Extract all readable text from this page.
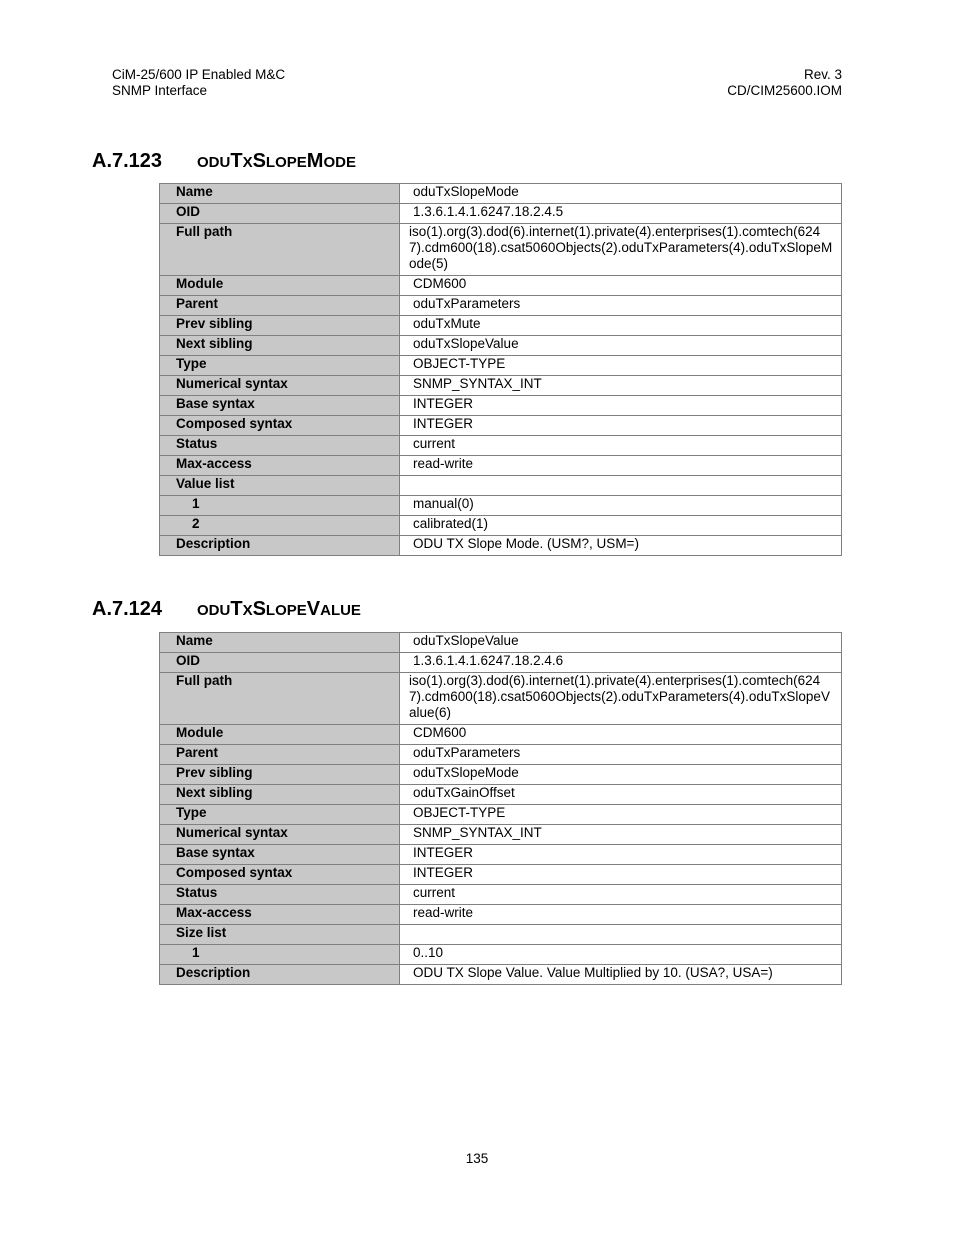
CiM-25/600 IP Enabled M&C
SNMP Interface
Rev. 3
CD/CIM25600.IOM
A.7.123 ODUTXSLOPEMODE
Name	oduTxSlopeMode
OID	1.3.6.1.4.1.6247.18.2.4.5
Full path	iso(1).org(3).dod(6).internet(1).private(4).enterprises(1).comtech(6247).cdm600(18).csat5060Objects(2).oduTxParameters(4).oduTxSlopeMode(5)
Module	CDM600
Parent	oduTxParameters
Prev sibling	oduTxMute
Next sibling	oduTxSlopeValue
Type	OBJECT-TYPE
Numerical syntax	SNMP_SYNTAX_INT
Base syntax	INTEGER
Composed syntax	INTEGER
Status	current
Max-access	read-write
Value list	
1	manual(0)
2	calibrated(1)
Description	ODU TX Slope Mode. (USM?, USM=)
A.7.124 ODUTXSLOPEVALUE
Name	oduTxSlopeValue
OID	1.3.6.1.4.1.6247.18.2.4.6
Full path	iso(1).org(3).dod(6).internet(1).private(4).enterprises(1).comtech(6247).cdm600(18).csat5060Objects(2).oduTxParameters(4).oduTxSlopeValue(6)
Module	CDM600
Parent	oduTxParameters
Prev sibling	oduTxSlopeMode
Next sibling	oduTxGainOffset
Type	OBJECT-TYPE
Numerical syntax	SNMP_SYNTAX_INT
Base syntax	INTEGER
Composed syntax	INTEGER
Status	current
Max-access	read-write
Size list	
1	0..10
Description	ODU TX Slope Value. Value Multiplied by 10. (USA?, USA=)
135
